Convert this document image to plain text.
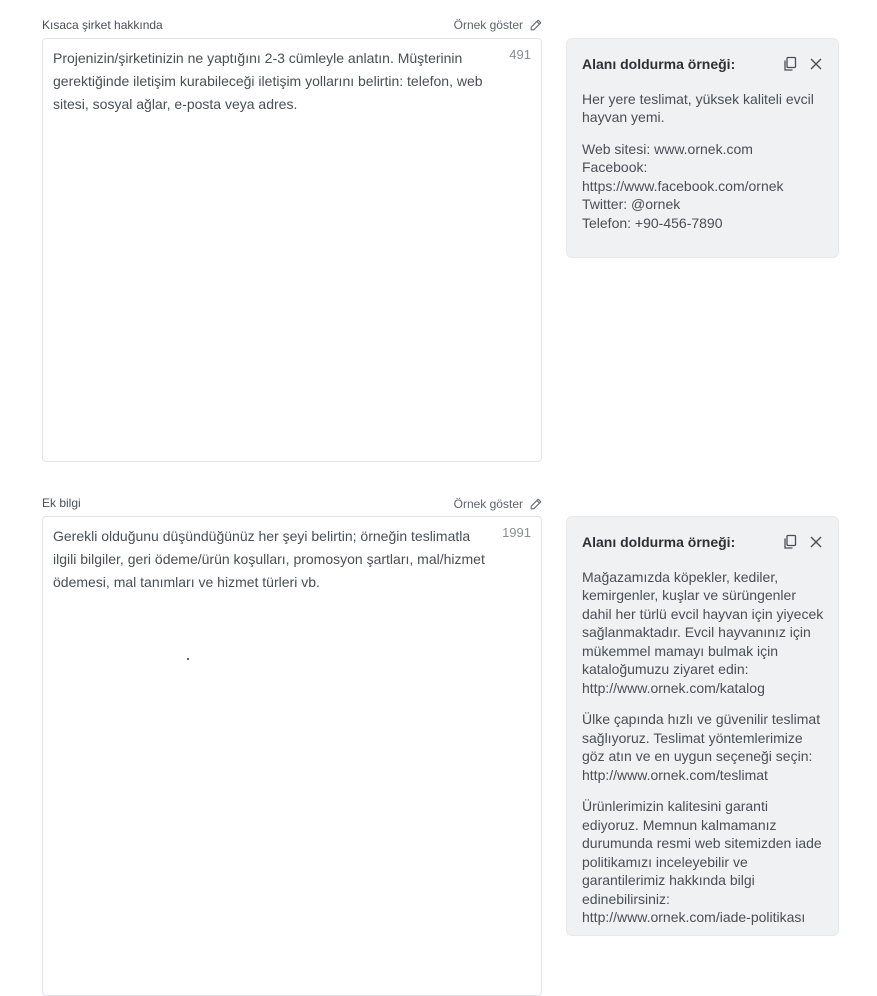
Kısaca şirket hakkında	Örnek göster
Projenizin/şirketinizin ne yaptığını 2-3 cümleyle anlatın. Müşterinin gerektiğinde iletişim kurabileceği iletişim yollarını belirtin: telefon, web sitesi, sosyal ağlar, e-posta veya adres.
491
Alanı doldurma örneği:

Her yere teslimat, yüksek kaliteli evcil hayvan yemi.

Web sitesi: www.ornek.com
Facebook:
https://www.facebook.com/ornek
Twitter: @ornek
Telefon: +90-456-7890

Ek bilgi	Örnek göster
Gerekli olduğunu düşündüğünüz her şeyi belirtin; örneğin teslimatla ilgili bilgiler, geri ödeme/ürün koşulları, promosyon şartları, mal/hizmet ödemesi, mal tanımları ve hizmet türleri vb.
1991
Alanı doldurma örneği:

Mağazamızda köpekler, kediler, kemirgenler, kuşlar ve sürüngenler dahil her türlü evcil hayvan için yiyecek sağlanmaktadır. Evcil hayvanınız için mükemmel mamayı bulmak için kataloğumuzu ziyaret edin: http://www.ornek.com/katalog

Ülke çapında hızlı ve güvenilir teslimat sağlıyoruz. Teslimat yöntemlerimize göz atın ve en uygun seçeneği seçin: http://www.ornek.com/teslimat

Ürünlerimizin kalitesini garanti ediyoruz. Memnun kalmamanız durumunda resmi web sitemizden iade politikamızı inceleyebilir ve garantilerimiz hakkında bilgi edinebilirsiniz: http://www.ornek.com/iade-politikası
